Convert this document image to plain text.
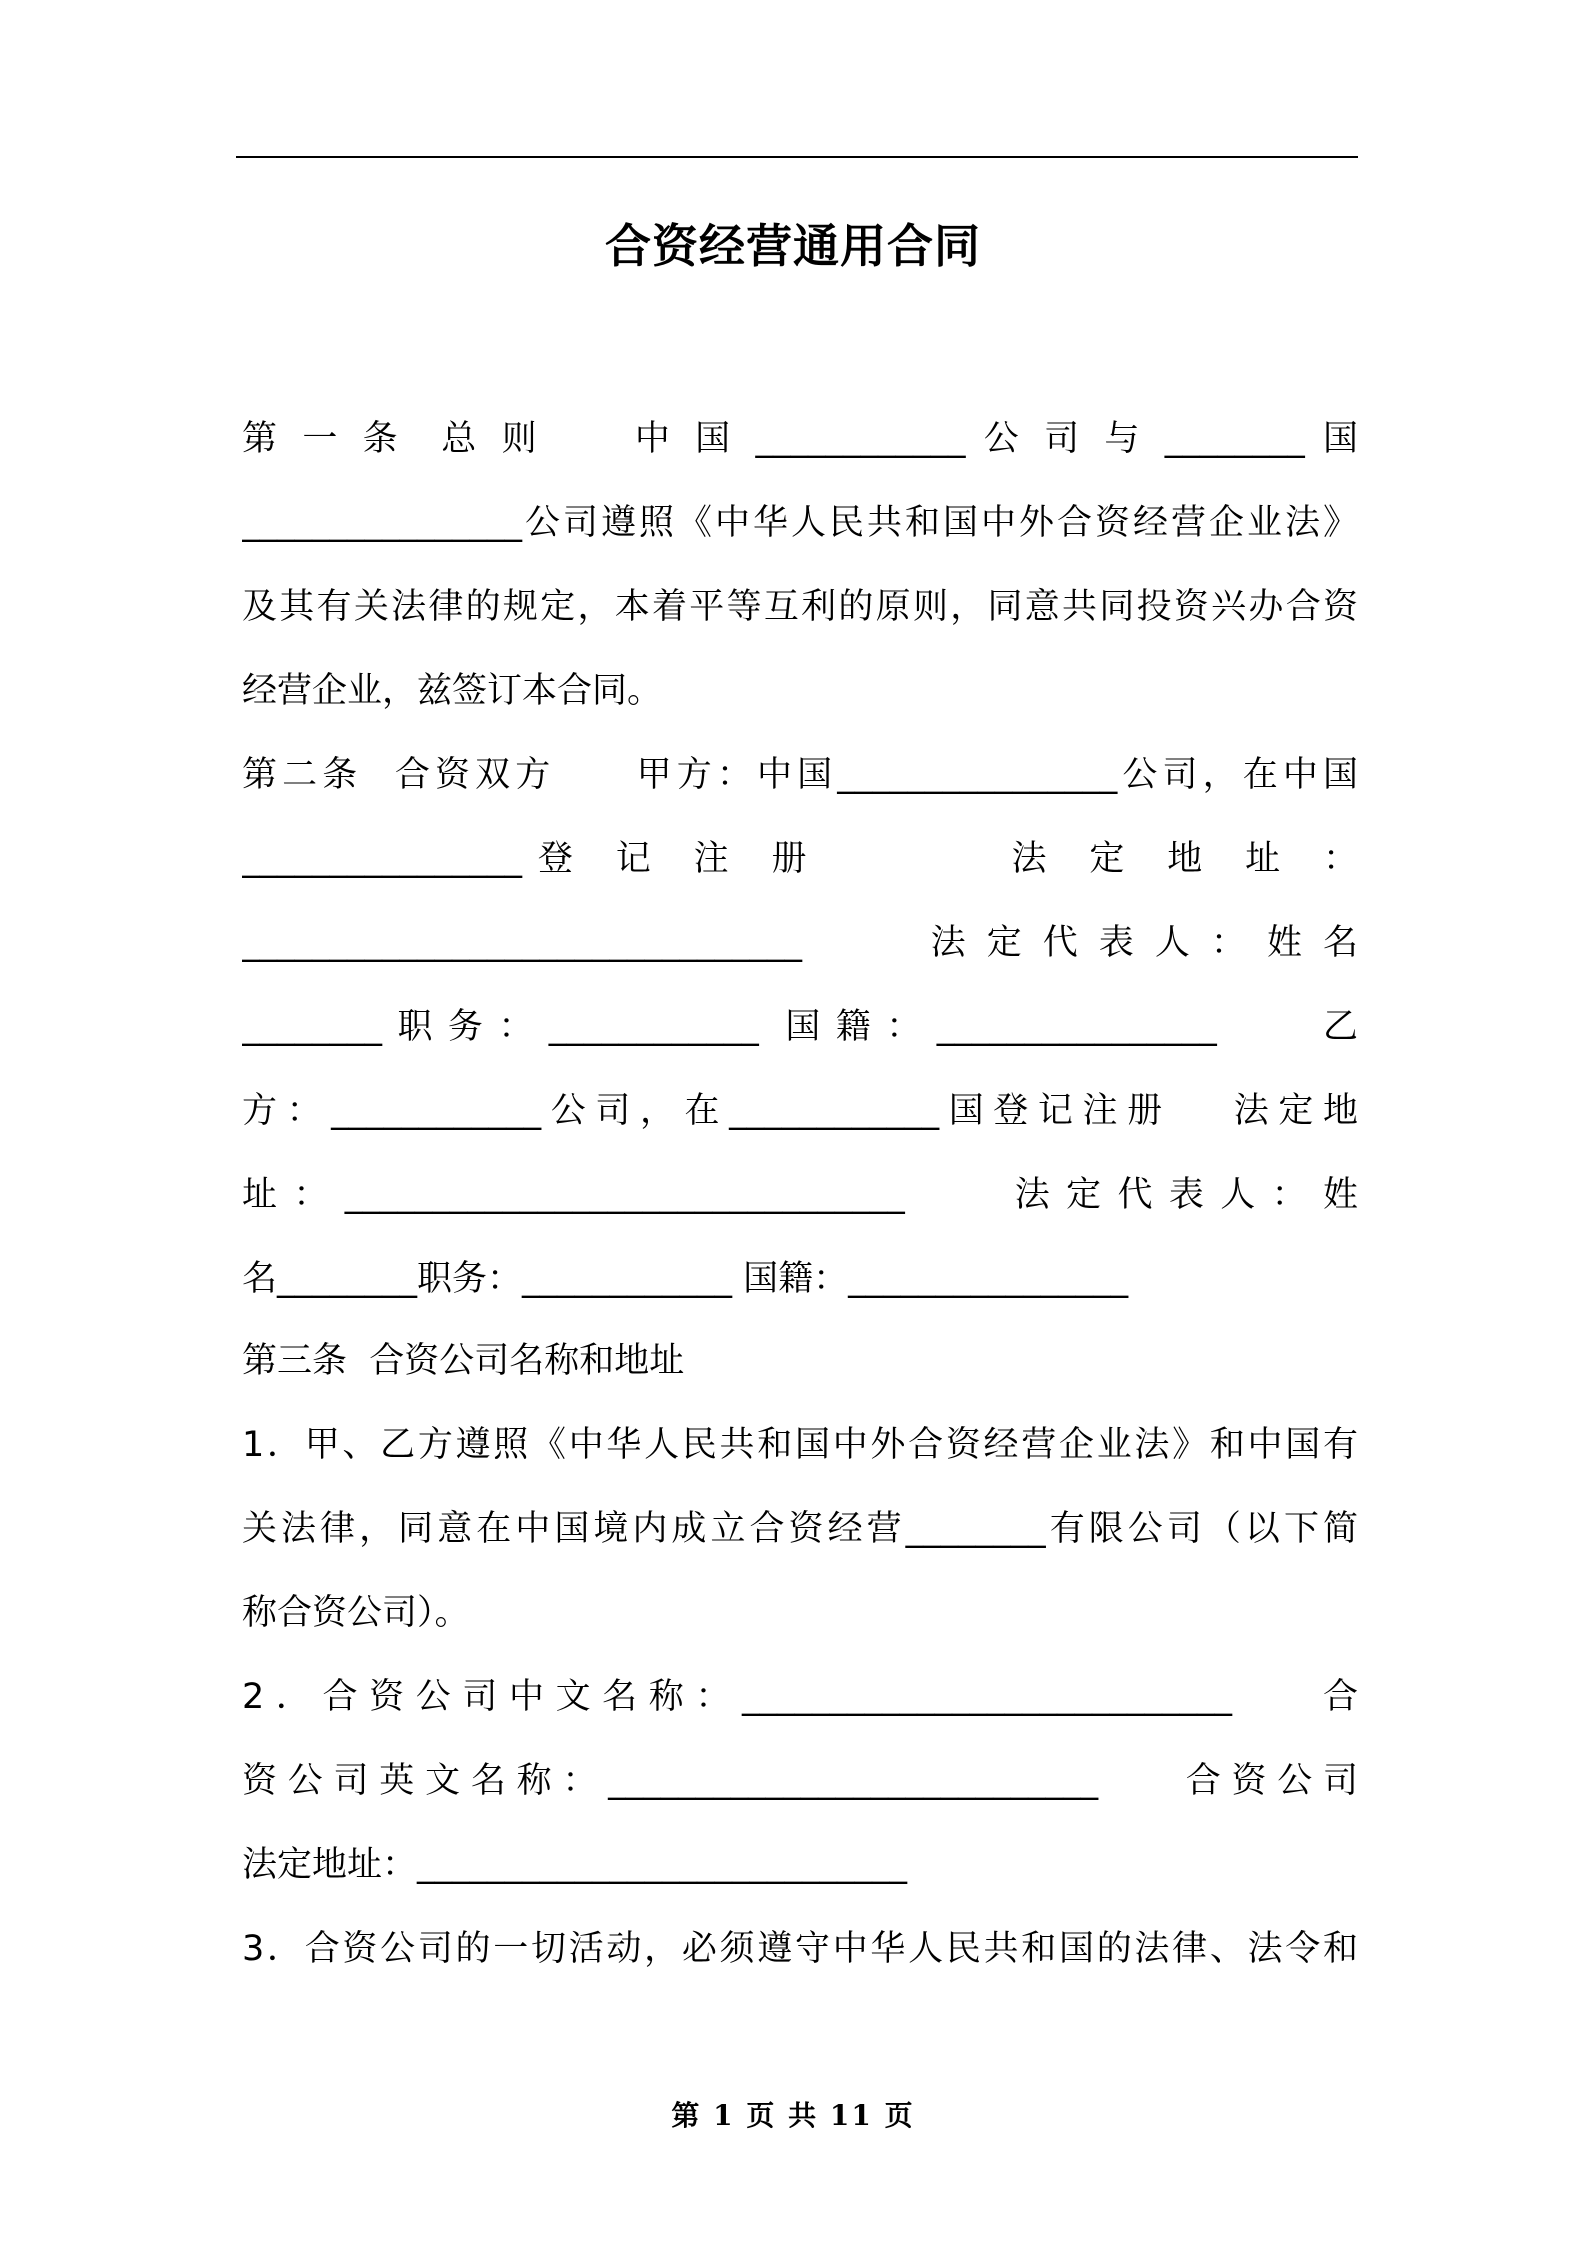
合资经营通用合同
第 一 条  总 则     中 国 ____________ 公 司 与 ________ 国
________________公司遵照《中华人民共和国中外合资经营企业法》
及其有关法律的规定，本着平等互利的原则，同意共同投资兴办合资
经营企业，兹签订本合同。
第二条  合资双方     甲方：中国________________公司，在中国
________________登 记 注 册       法 定 地 址 ：
________________________________    法定代表人：姓名
________职务：____________ 国籍：________________    乙
方：____________公司，在____________国登记注册   法定地
址：________________________________    法定代表人：姓
名________职务：____________ 国籍：________________
第三条  合资公司名称和地址
1．甲、乙方遵照《中华人民共和国中外合资经营企业法》和中国有
关法律，同意在中国境内成立合资经营________有限公司（以下简
称合资公司）。
2．合资公司中文名称：____________________________    合
资公司英文名称：____________________________    合资公司
法定地址：____________________________
3．合资公司的一切活动，必须遵守中华人民共和国的法律、法令和
第 1 页 共 11 页
